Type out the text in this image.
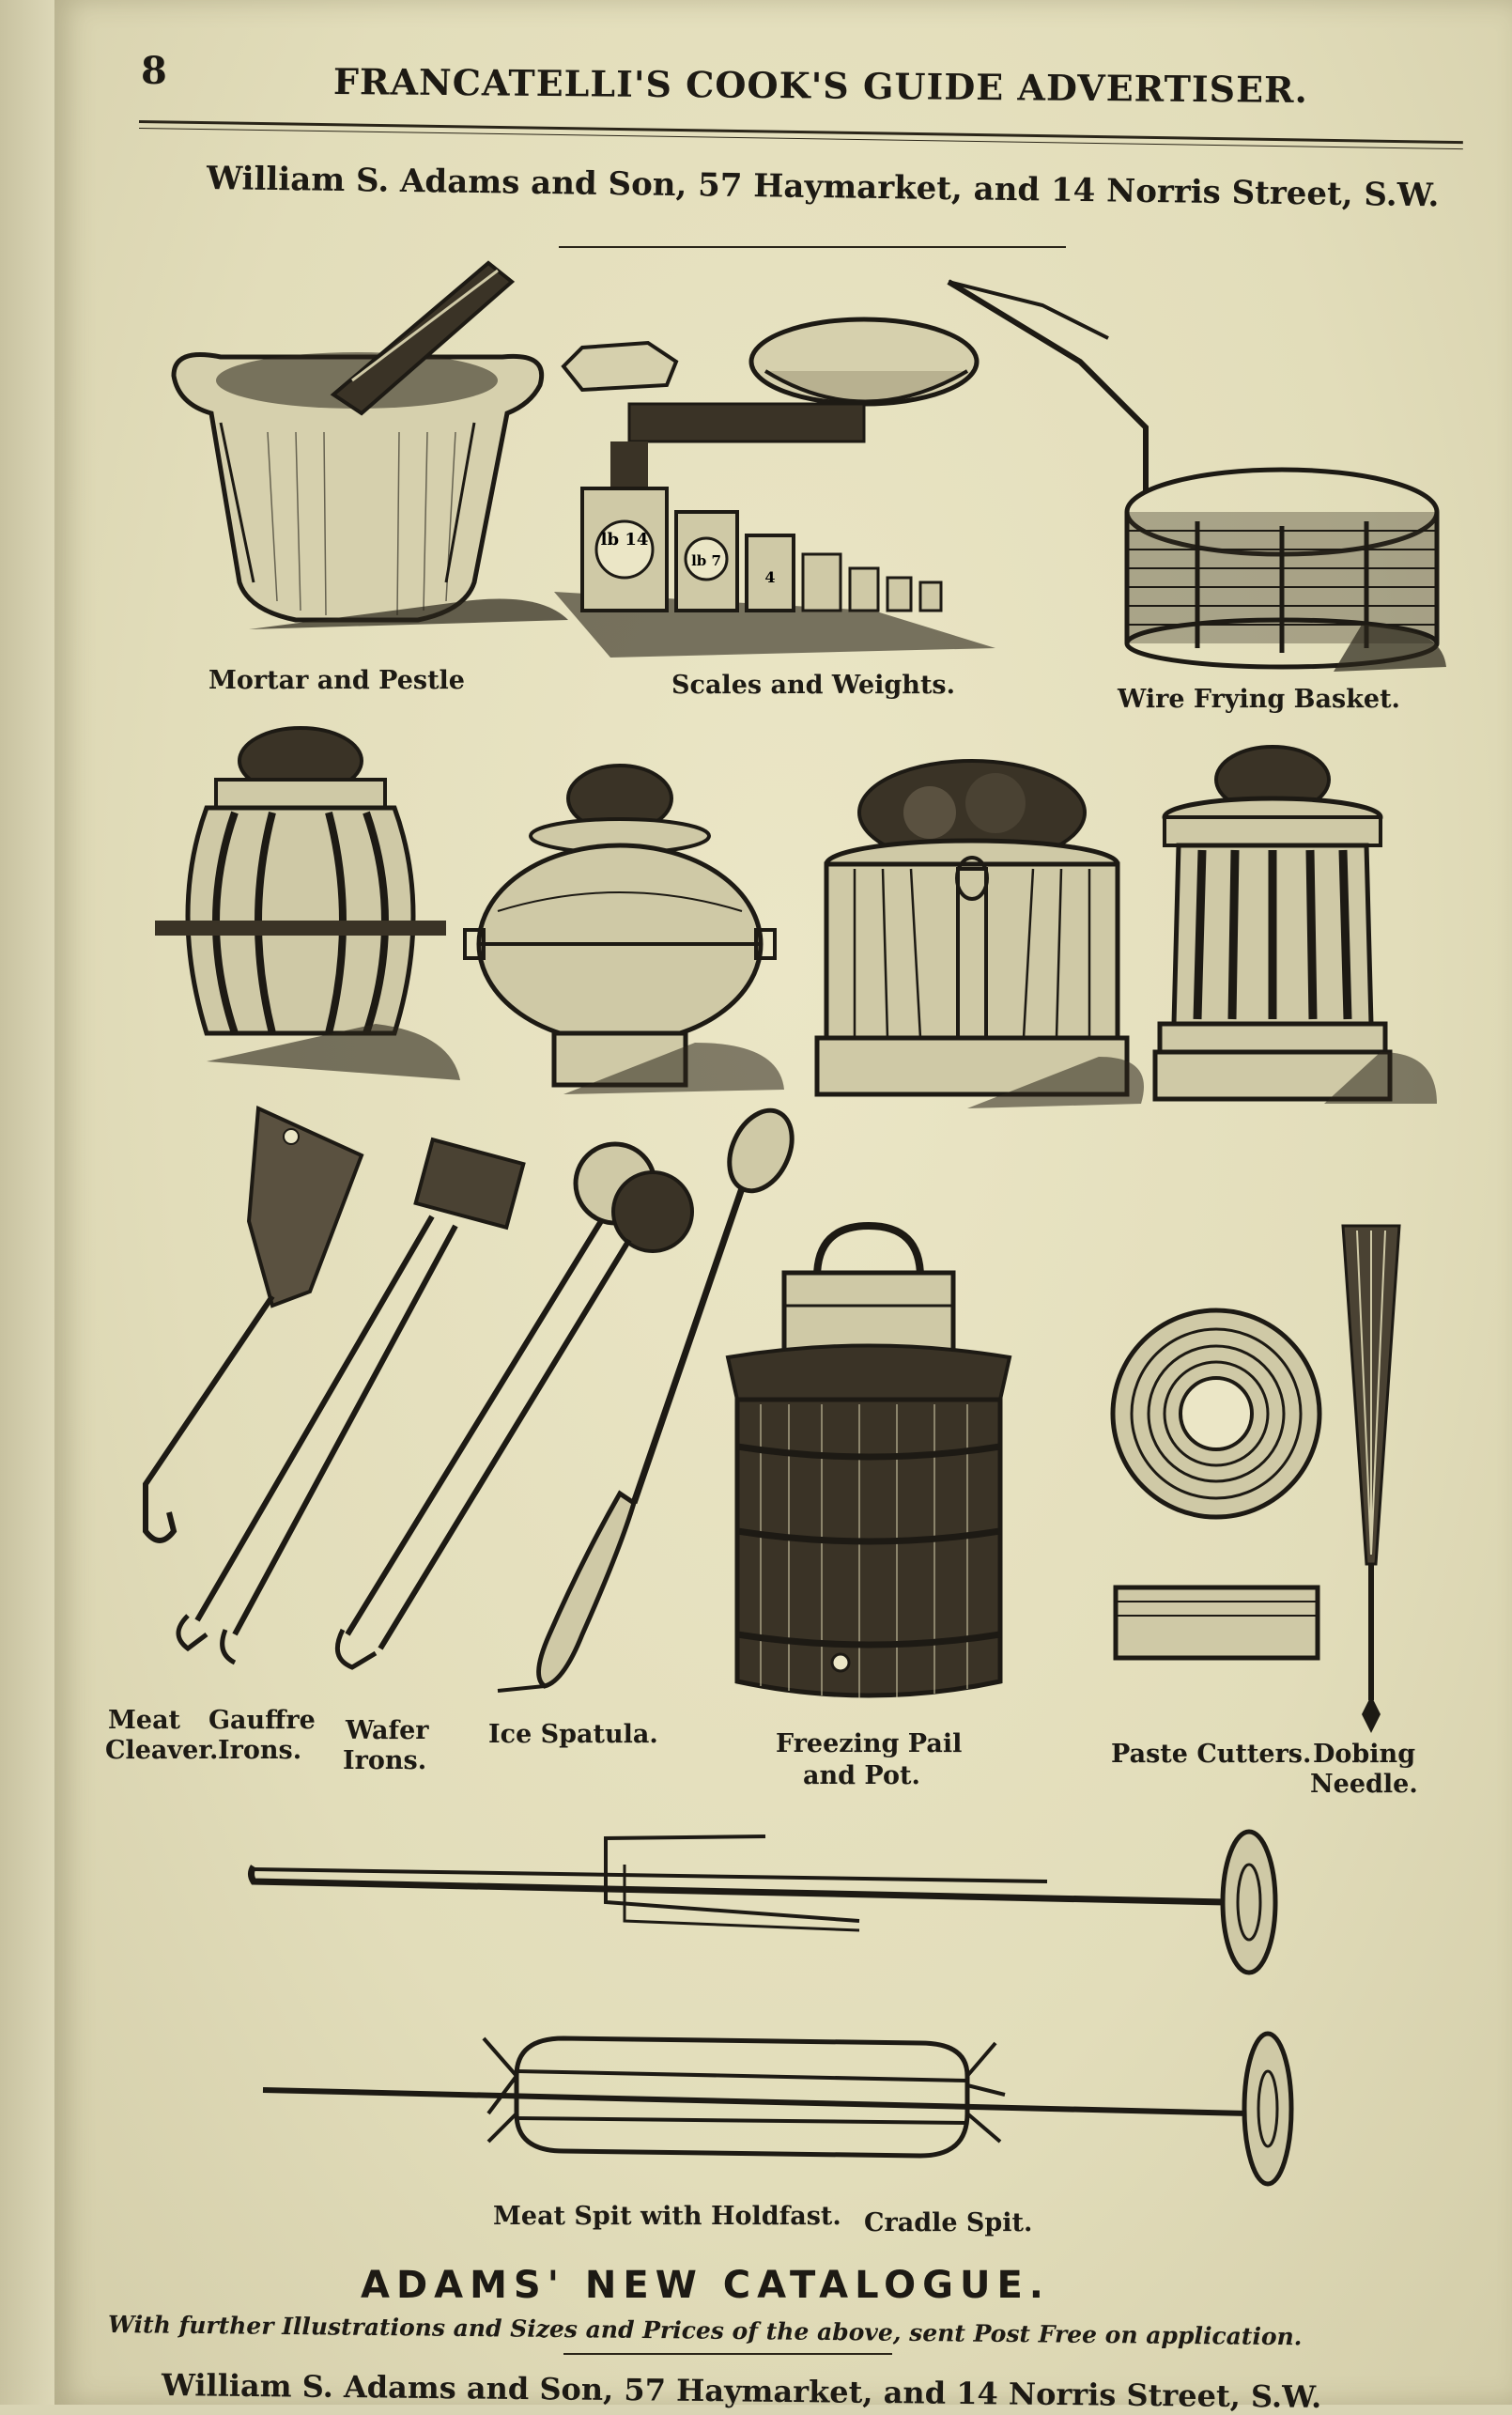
8	FRANCATELLI'S COOK'S GUIDE ADVERTISER.
William S. Adams and Son, 57 Haymarket, and 14 Norris Street, S.W.
Mortar and Pestle
lb 14
lb 7
4
Scales and Weights.	Wire Frying Basket.
Meat
Cleaver.
Gauffre
Irons.
Wafer
Irons.
Ice Spatula.	Freezing Pail
and Pot.
Paste Cutters. Dobing
Needle.
Meat Spit with Holdfast. Cradle Spit.
ADAMS' NEW CATALOGUE.
With further Illustrations and Sizes and Prices of the above, sent Post Free on application.
William S. Adams and Son, 57 Haymarket, and 14 Norris Street, S.W.
